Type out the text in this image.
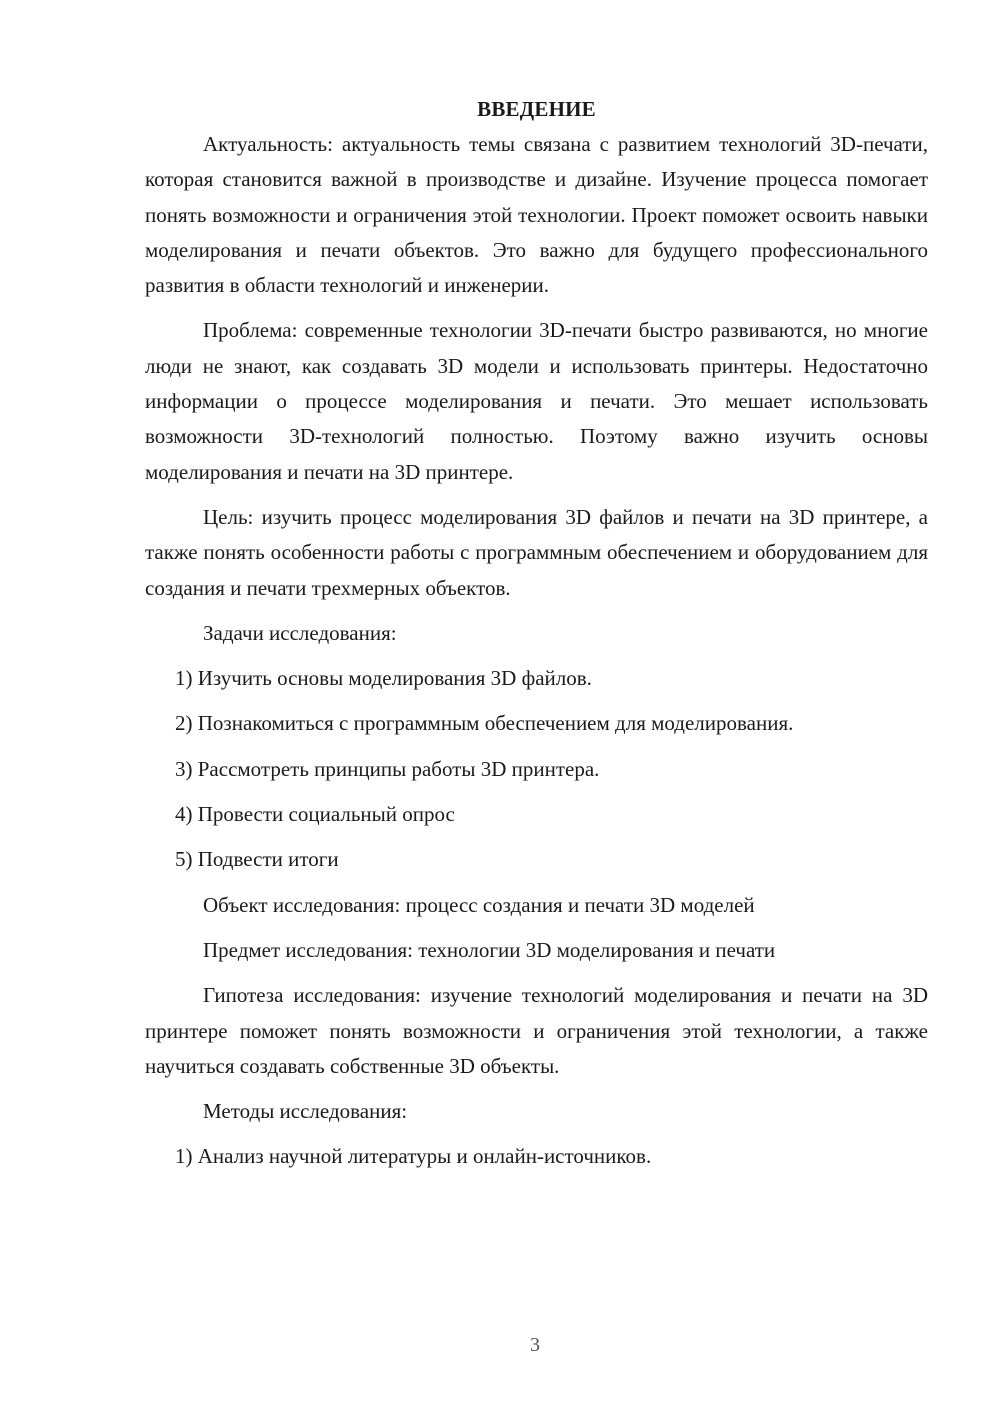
ВВЕДЕНИЕ

Актуальность: актуальность темы связана с развитием технологий 3D-печати, которая становится важной в производстве и дизайне. Изучение процесса помогает понять возможности и ограничения этой технологии. Проект поможет освоить навыки моделирования и печати объектов. Это важно для будущего профессионального развития в области технологий и инженерии.

Проблема: современные технологии 3D-печати быстро развиваются, но многие люди не знают, как создавать 3D модели и использовать принтеры. Недостаточно информации о процессе моделирования и печати. Это мешает использовать возможности 3D-технологий полностью. Поэтому важно изучить основы моделирования и печати на 3D принтере.

Цель: изучить процесс моделирования 3D файлов и печати на 3D принтере, а также понять особенности работы с программным обеспечением и оборудованием для создания и печати трехмерных объектов.

Задачи исследования:

1) Изучить основы моделирования 3D файлов.

2) Познакомиться с программным обеспечением для моделирования.

3) Рассмотреть принципы работы 3D принтера.

4) Провести социальный опрос

5) Подвести итоги

Объект исследования: процесс создания и печати 3D моделей

Предмет исследования: технологии 3D моделирования и печати

Гипотеза исследования: изучение технологий моделирования и печати на 3D принтере поможет понять возможности и ограничения этой технологии, а также научиться создавать собственные 3D объекты.

Методы исследования:

1) Анализ научной литературы и онлайн-источников.

3
